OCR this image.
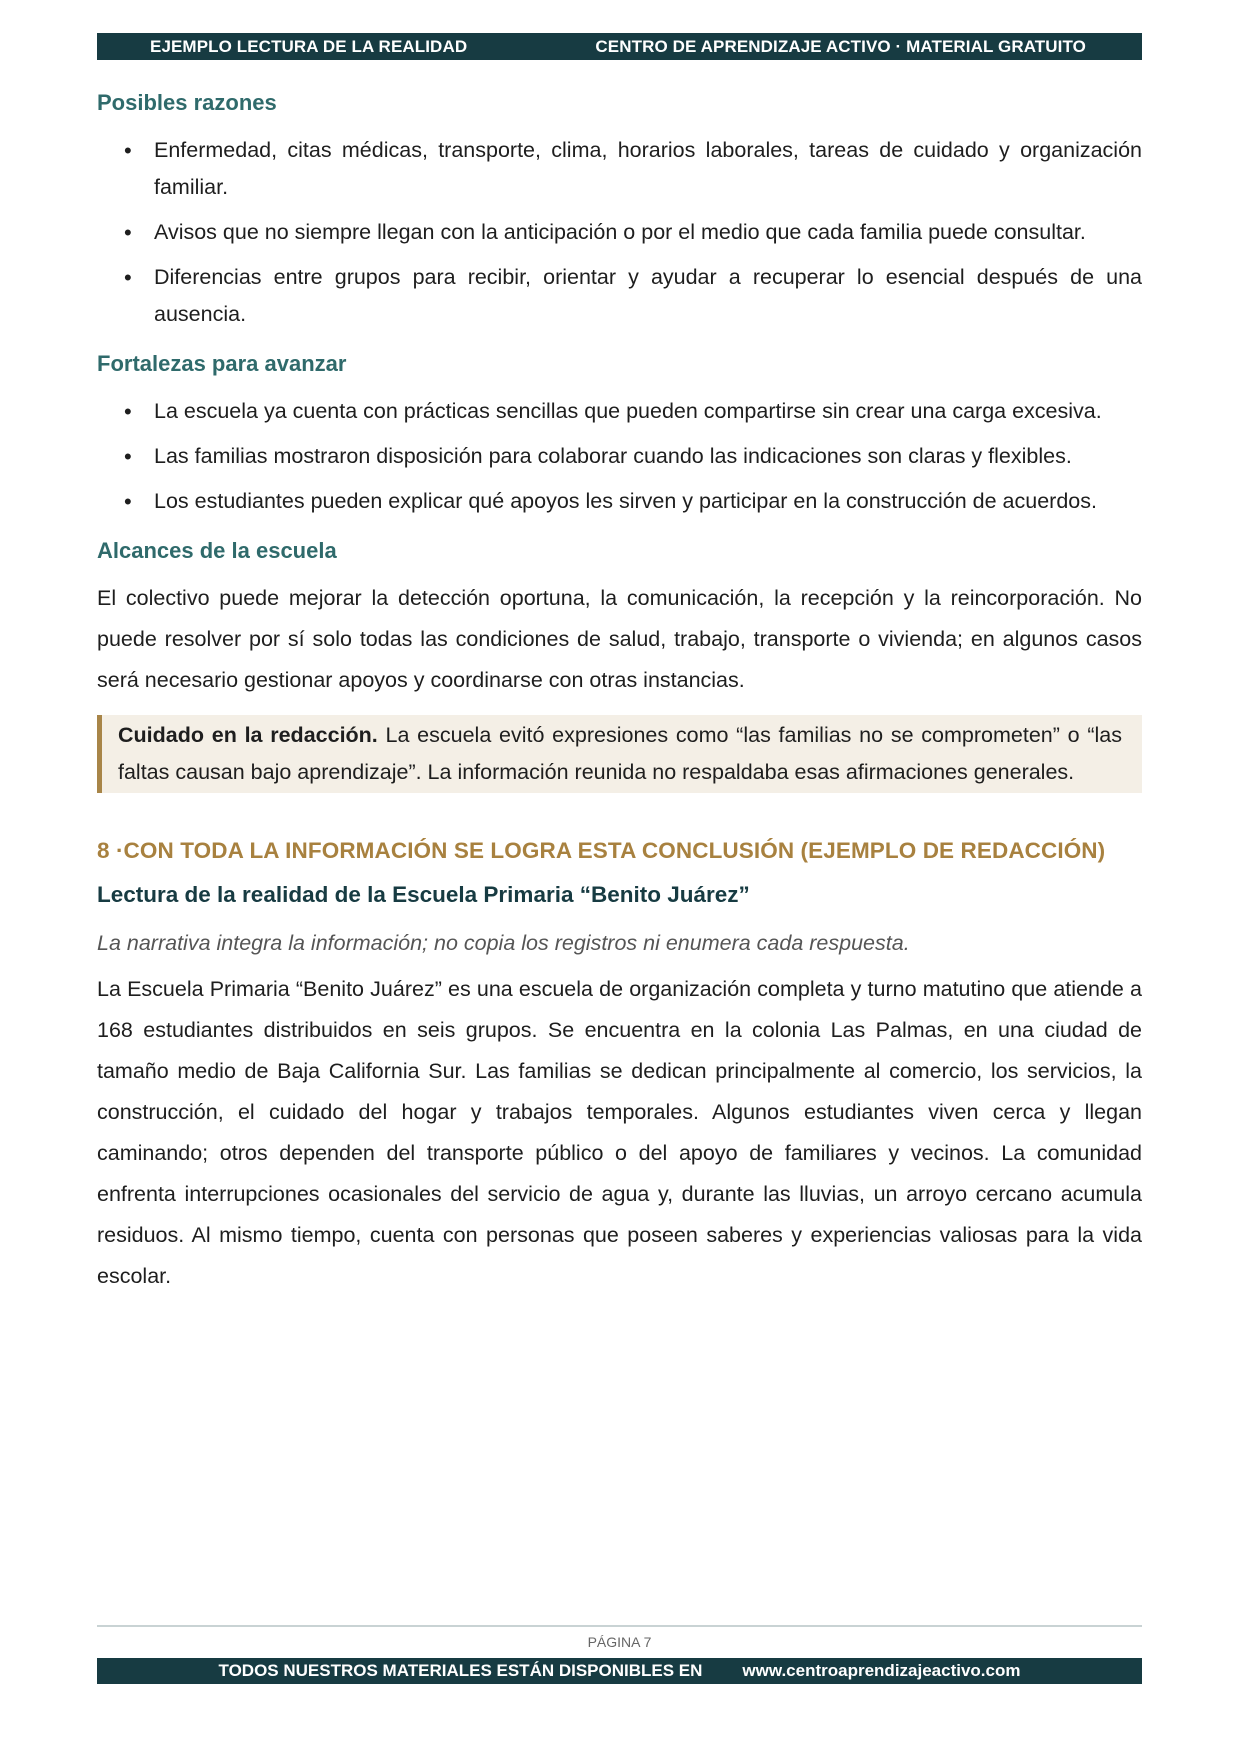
EJEMPLO LECTURA DE LA REALIDAD	CENTRO DE APRENDIZAJE ACTIVO · MATERIAL GRATUITO
Posibles razones
• Enfermedad, citas médicas, transporte, clima, horarios laborales, tareas de cuidado y organización familiar.
• Avisos que no siempre llegan con la anticipación o por el medio que cada familia puede consultar.
• Diferencias entre grupos para recibir, orientar y ayudar a recuperar lo esencial después de una ausencia.
Fortalezas para avanzar
• La escuela ya cuenta con prácticas sencillas que pueden compartirse sin crear una carga excesiva.
• Las familias mostraron disposición para colaborar cuando las indicaciones son claras y flexibles.
• Los estudiantes pueden explicar qué apoyos les sirven y participar en la construcción de acuerdos.
Alcances de la escuela

El colectivo puede mejorar la detección oportuna, la comunicación, la recepción y la reincorporación. No puede resolver por sí solo todas las condiciones de salud, trabajo, transporte o vivienda; en algunos casos será necesario gestionar apoyos y coordinarse con otras instancias.

Cuidado en la redacción. La escuela evitó expresiones como “las familias no se comprometen” o “las faltas causan bajo aprendizaje”. La información reunida no respaldaba esas afirmaciones generales.
8 ·CON TODA LA INFORMACIÓN SE LOGRA ESTA CONCLUSIÓN (EJEMPLO DE REDACCIÓN)
Lectura de la realidad de la Escuela Primaria “Benito Juárez”

La narrativa integra la información; no copia los registros ni enumera cada respuesta.

La Escuela Primaria “Benito Juárez” es una escuela de organización completa y turno matutino que atiende a 168 estudiantes distribuidos en seis grupos. Se encuentra en la colonia Las Palmas, en una ciudad de tamaño medio de Baja California Sur. Las familias se dedican principalmente al comercio, los servicios, la construcción, el cuidado del hogar y trabajos temporales. Algunos estudiantes viven cerca y llegan caminando; otros dependen del transporte público o del apoyo de familiares y vecinos. La comunidad enfrenta interrupciones ocasionales del servicio de agua y, durante las lluvias, un arroyo cercano acumula residuos. Al mismo tiempo, cuenta con personas que poseen saberes y experiencias valiosas para la vida escolar.

PÁGINA 7
TODOS NUESTROS MATERIALES ESTÁN DISPONIBLES EN www.centroaprendizajeactivo.com
